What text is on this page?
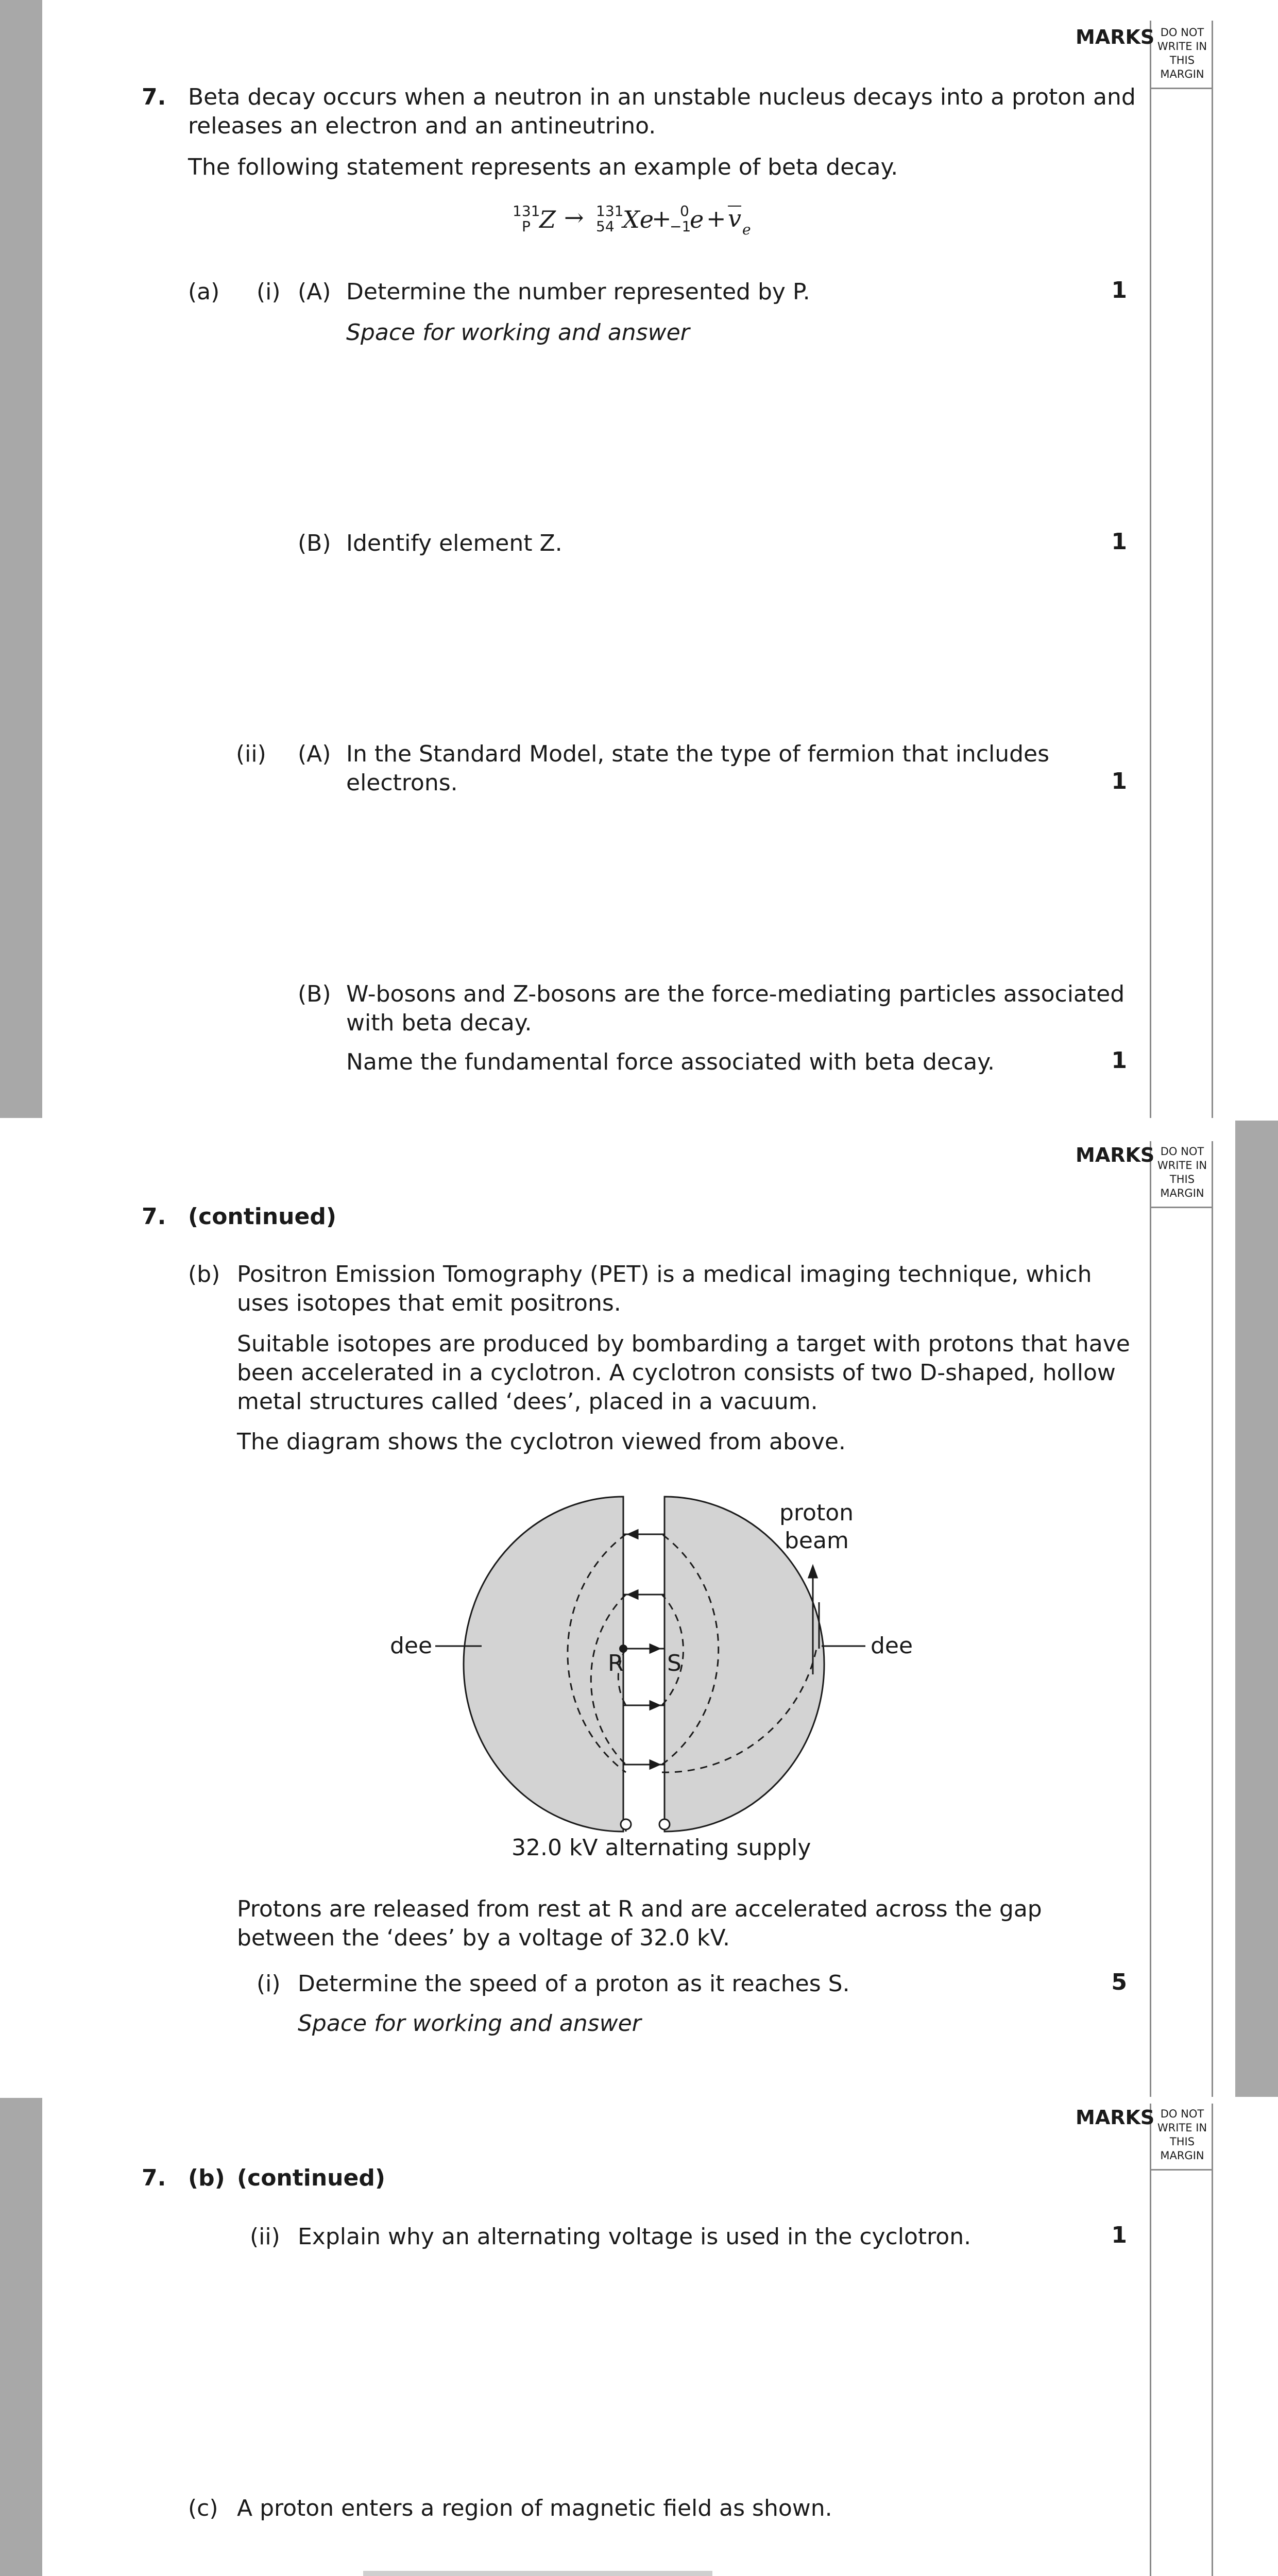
MARKS DO NOT
WRITE IN
THIS
MARGIN
7. Beta decay occurs when a neutron in an unstable nucleus decays into a proton and
releases an electron and an antineutrino.
The following statement represents an example of beta decay.
131
P Z → 131
54 Xe
+ 0
−1
e + v e
(a) (i) (A) Determine the number represented by P.	1
Space for working and answer
(B) Identify element Z.	1
(ii) (A) In the Standard Model, state the type of fermion that includes
electrons.	1
(B) W-bosons and Z-bosons are the force-mediating particles associated
with beta decay.
Name the fundamental force associated with beta decay.	1
MARKS DO NOT
WRITE IN
THIS
MARGIN
7. (continued)
(b) Positron Emission Tomography (PET) is a medical imaging technique, which
uses isotopes that emit positrons.
Suitable isotopes are produced by bombarding a target with protons that have
been accelerated in a cyclotron. A cyclotron consists of two D-shaped, hollow
metal structures called ‘dees’, placed in a vacuum.
The diagram shows the cyclotron viewed from above.
dee	dee
R S
proton
beam
32.0 kV alternating supply
Protons are released from rest at R and are accelerated across the gap
between the ‘dees’ by a voltage of 32.0 kV.
(i) Determine the speed of a proton as it reaches S.	5
Space for working and answer
MARKS DO NOT
WRITE IN
THIS
MARGIN
7. (b) (continued)
(ii) Explain why an alternating voltage is used in the cyclotron.	1
(c) A proton enters a region of magnetic field as shown.
